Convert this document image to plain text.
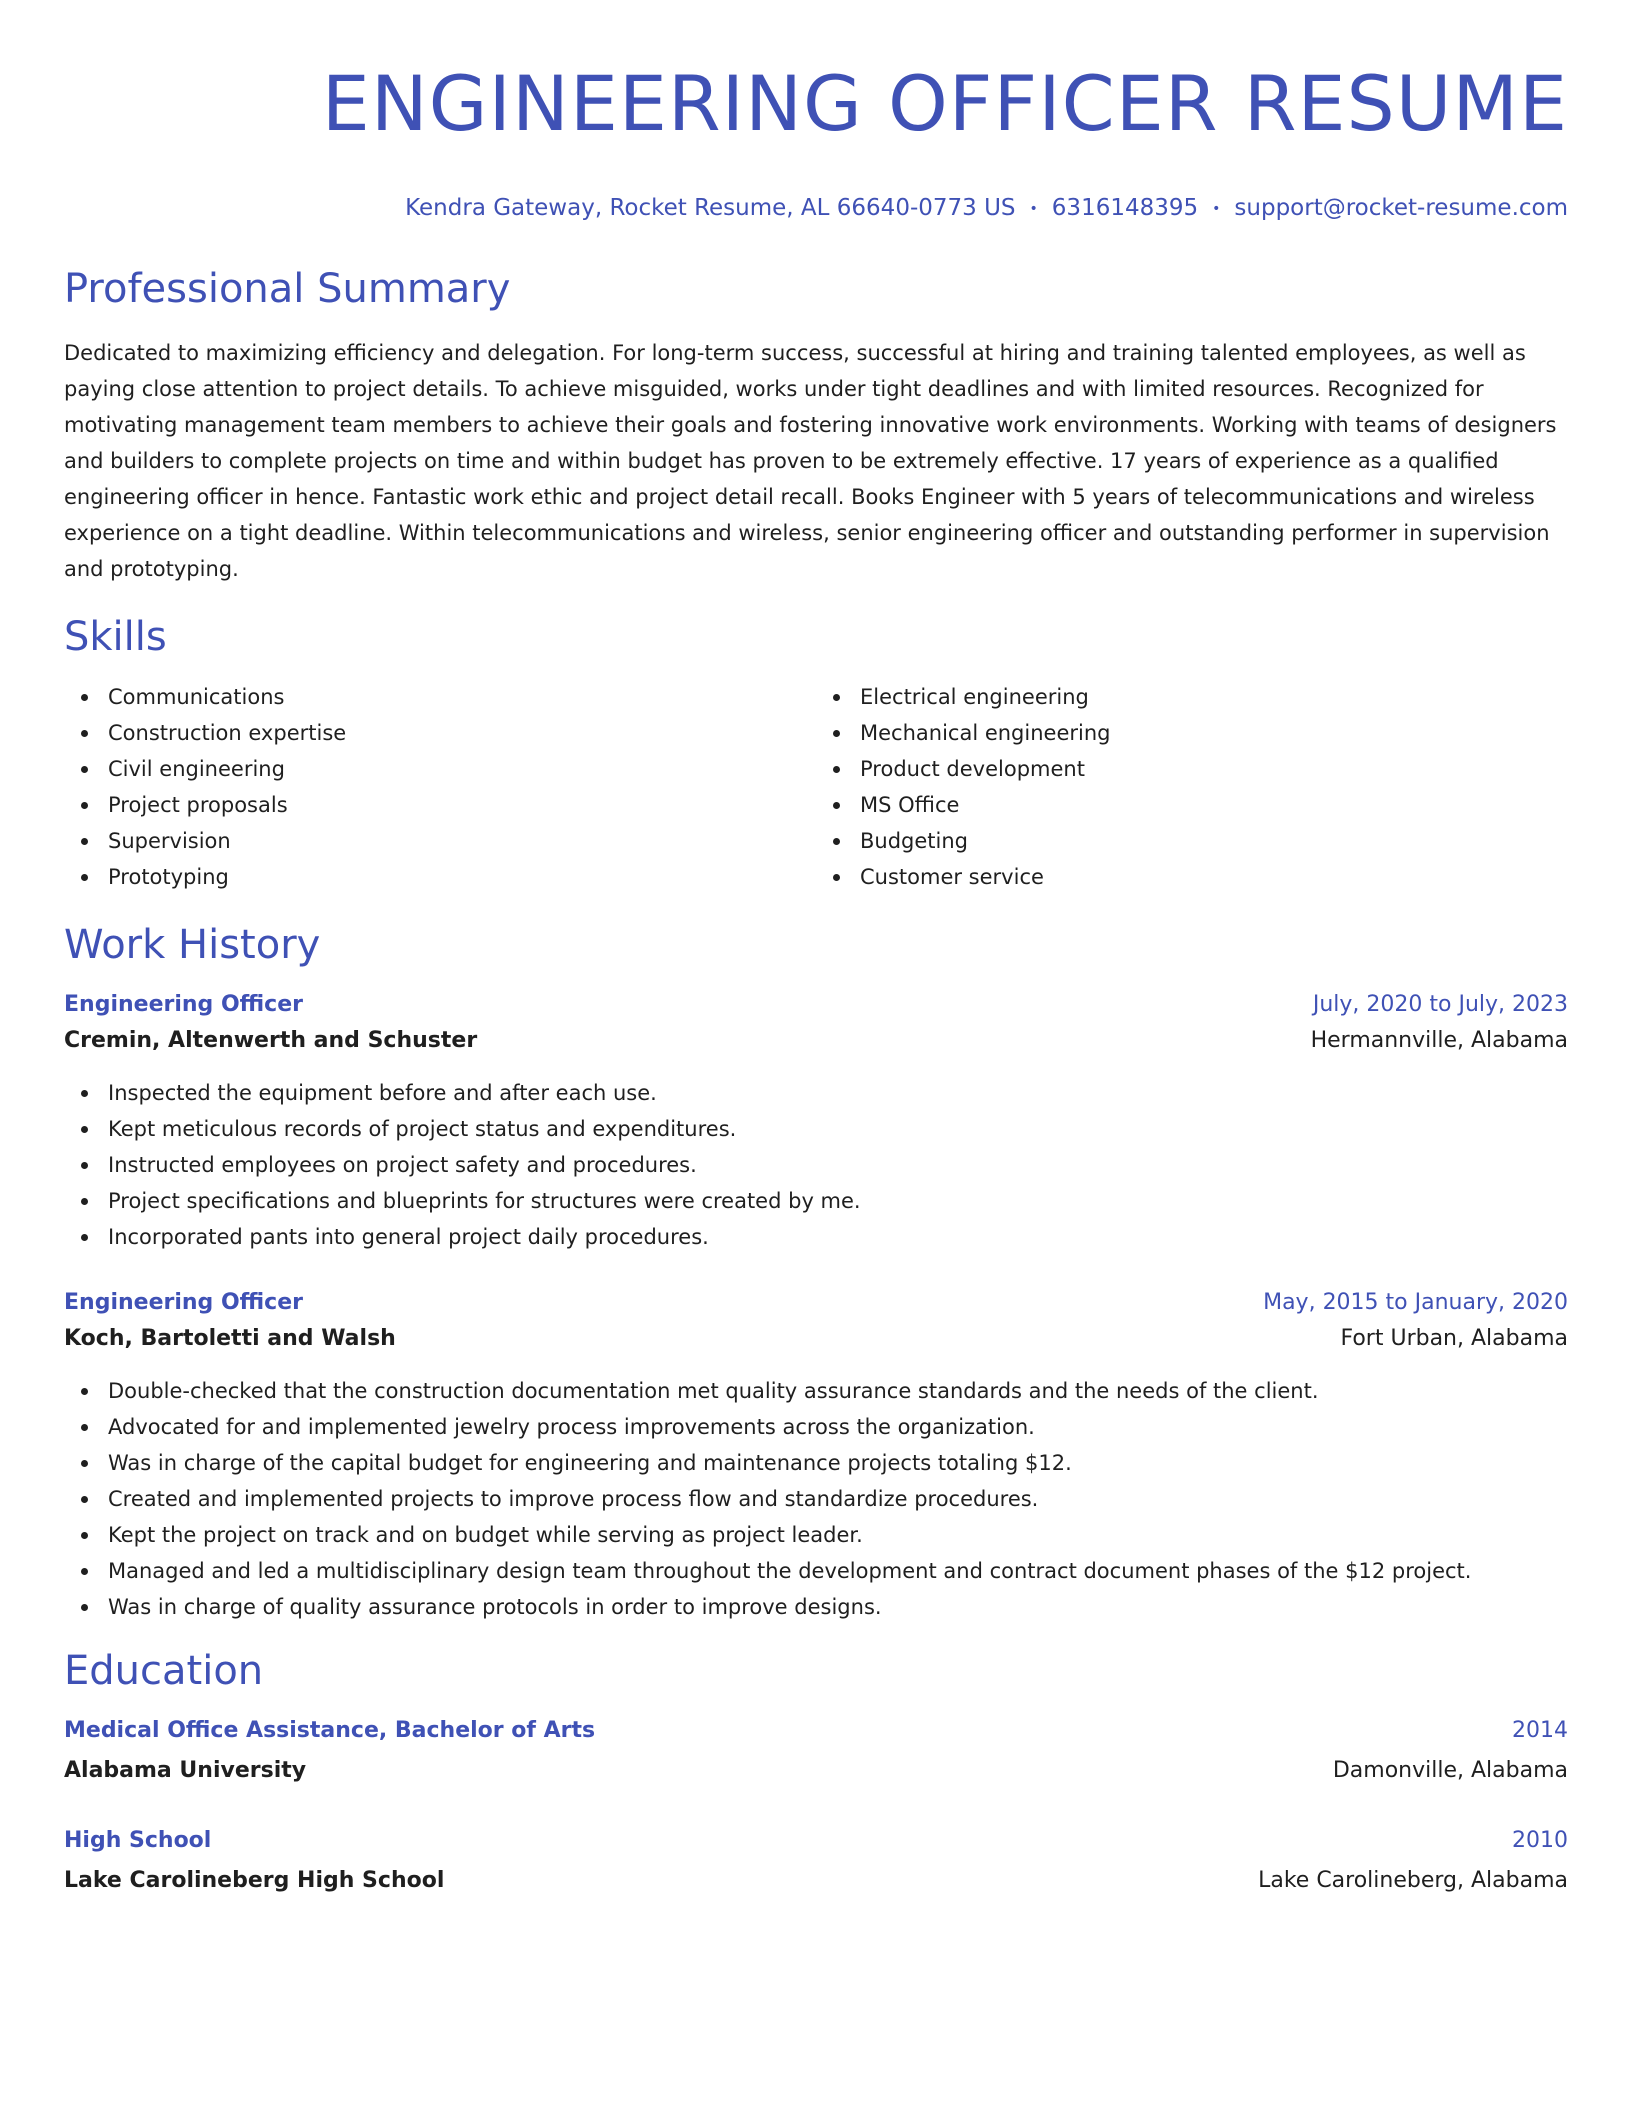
ENGINEERING OFFICER RESUME
Kendra Gateway, Rocket Resume, AL 66640-0773 US • 6316148395 • support@rocket-resume.com
Professional Summary

Dedicated to maximizing efficiency and delegation. For long-term success, successful at hiring and training talented employees, as well as paying close attention to project details. To achieve misguided, works under tight deadlines and with limited resources. Recognized for motivating management team members to achieve their goals and fostering innovative work environments. Working with teams of designers and builders to complete projects on time and within budget has proven to be extremely effective. 17 years of experience as a qualified engineering officer in hence. Fantastic work ethic and project detail recall. Books Engineer with 5 years of telecommunications and wireless experience on a tight deadline. Within telecommunications and wireless, senior engineering officer and outstanding performer in supervision and prototyping.

Skills
Communications
Construction expertise
Civil engineering
Project proposals
Supervision
Prototyping
Electrical engineering
Mechanical engineering
Product development
MS Office
Budgeting
Customer service
Work History
Engineering Officer	July, 2020 to July, 2023
Cremin, Altenwerth and Schuster	Hermannville, Alabama
Inspected the equipment before and after each use.
Kept meticulous records of project status and expenditures.
Instructed employees on project safety and procedures.
Project specifications and blueprints for structures were created by me.
Incorporated pants into general project daily procedures.
Engineering Officer	May, 2015 to January, 2020
Koch, Bartoletti and Walsh	Fort Urban, Alabama
Double-checked that the construction documentation met quality assurance standards and the needs of the client.
Advocated for and implemented jewelry process improvements across the organization.
Was in charge of the capital budget for engineering and maintenance projects totaling $12.
Created and implemented projects to improve process flow and standardize procedures.
Kept the project on track and on budget while serving as project leader.
Managed and led a multidisciplinary design team throughout the development and contract document phases of the $12 project.
Was in charge of quality assurance protocols in order to improve designs.
Education
Medical Office Assistance, Bachelor of Arts	2014
Alabama University	Damonville, Alabama
High School	2010
Lake Carolineberg High School	Lake Carolineberg, Alabama
